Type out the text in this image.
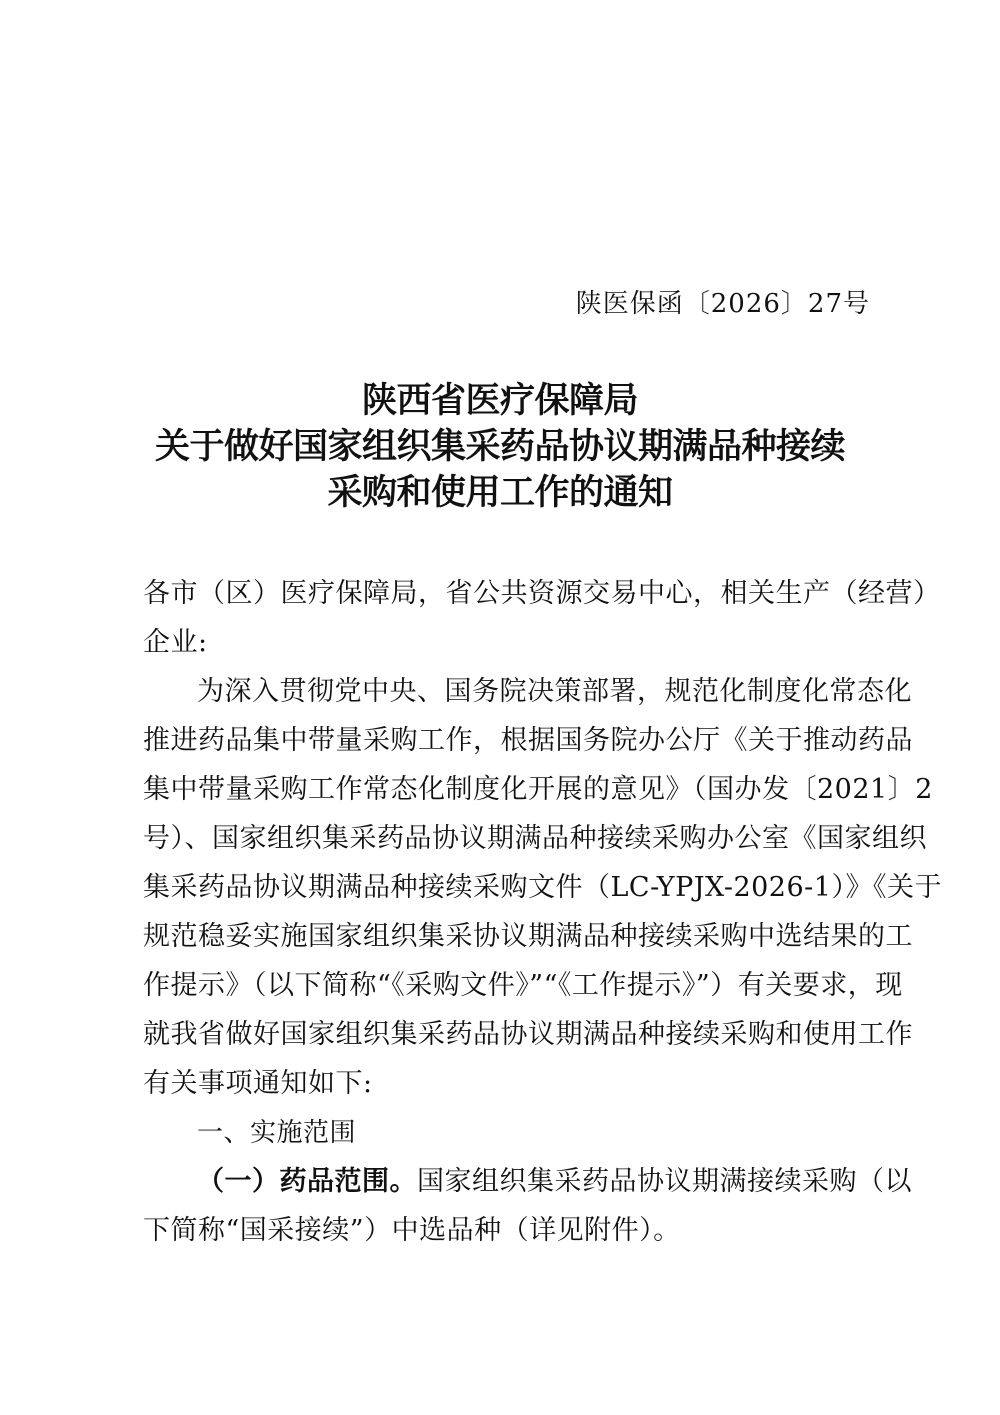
陕医保函〔2026〕27号
陕西省医疗保障局
关于做好国家组织集采药品协议期满品种接续
采购和使用工作的通知
各市（区）医疗保障局，省公共资源交易中心，相关生产（经营）
企业:
为深入贯彻党中央、国务院决策部署，规范化制度化常态化
推进药品集中带量采购工作，根据国务院办公厅《关于推动药品
集中带量采购工作常态化制度化开展的意见》（国办发〔2021〕2
号）、国家组织集采药品协议期满品种接续采购办公室《国家组织
集采药品协议期满品种接续采购文件（LC-YPJX-2026-1）》《关于
规范稳妥实施国家组织集采协议期满品种接续采购中选结果的工
作提示》（以下简称“《采购文件》”“《工作提示》”）有关要求，现
就我省做好国家组织集采药品协议期满品种接续采购和使用工作
有关事项通知如下:
一、实施范围
（一）药品范围。国家组织集采药品协议期满接续采购（以
下简称“国采接续”）中选品种（详见附件）。
